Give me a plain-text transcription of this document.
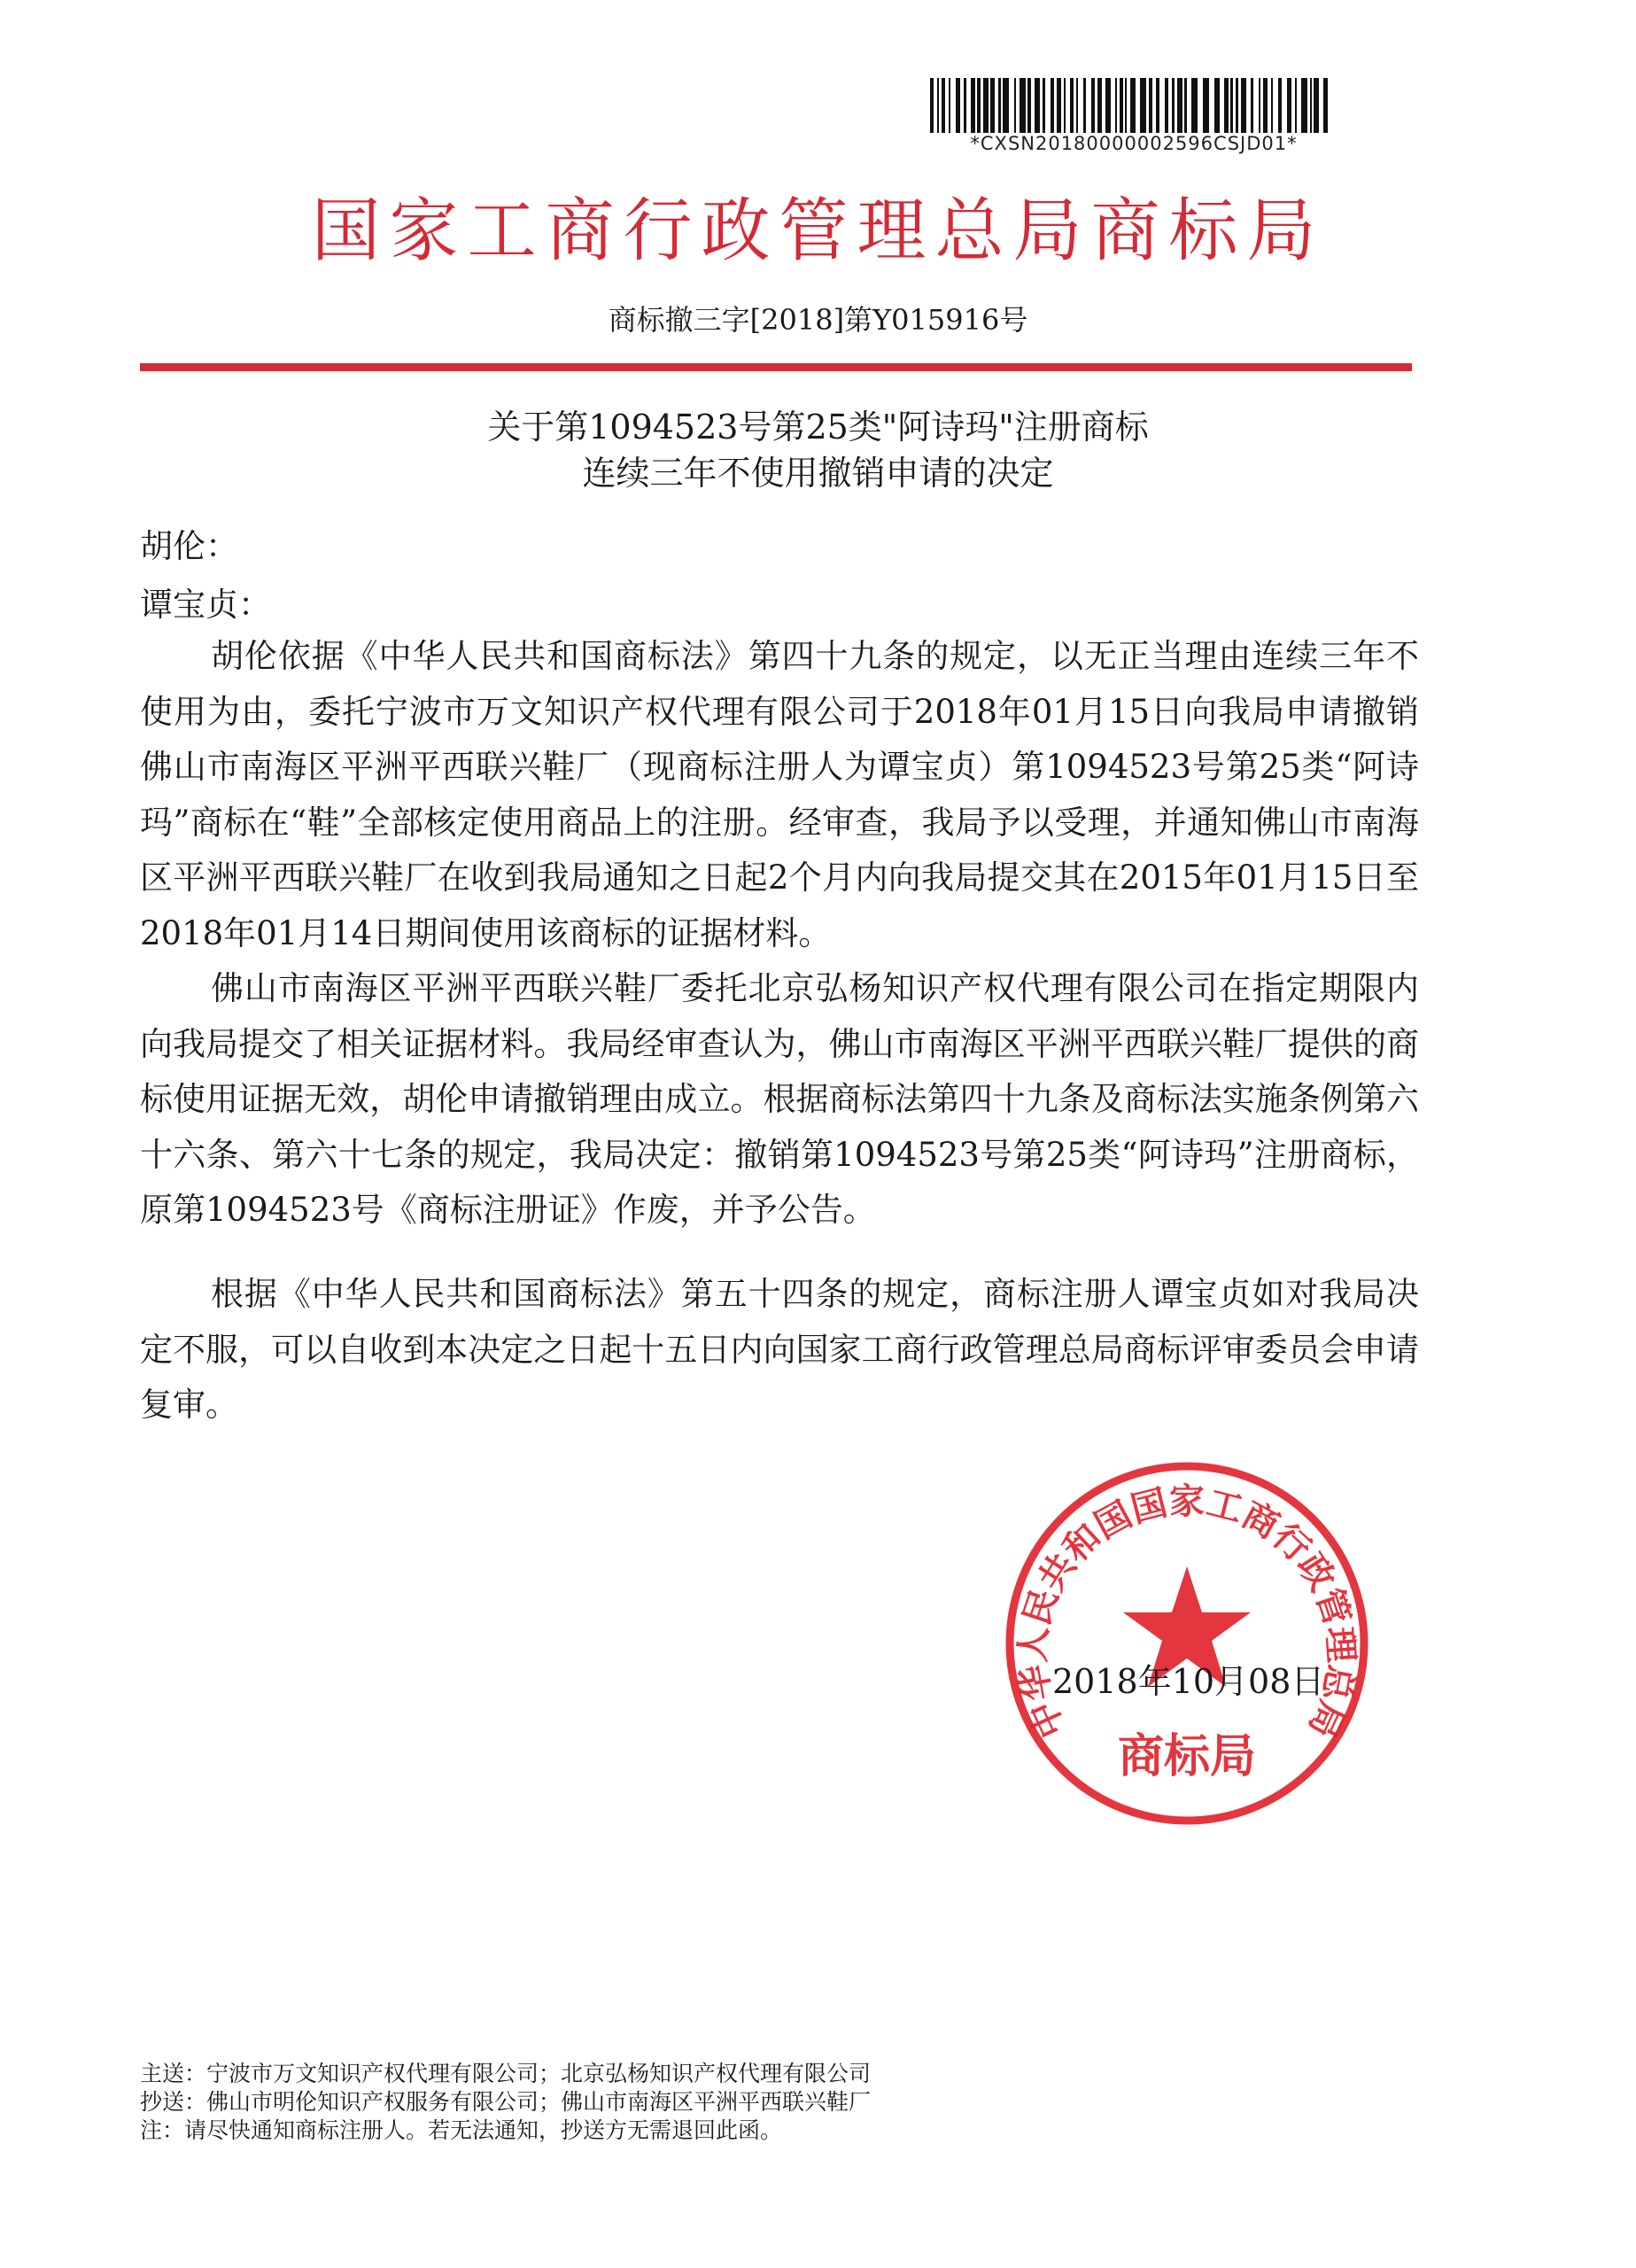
*CXSN20180000002596CSJD01*
国家工商行政管理总局商标局
商标撤三字[2018]第Y015916号
关于第1094523号第25类"阿诗玛"注册商标
连续三年不使用撤销申请的决定
胡伦：
谭宝贞：
胡伦依据《中华人民共和国商标法》第四十九条的规定，以无正当理由连续三年不使用为由，委托宁波市万文知识产权代理有限公司于2018年01月15日向我局申请撤销佛山市南海区平洲平西联兴鞋厂（现商标注册人为谭宝贞）第1094523号第25类“阿诗玛”商标在“鞋”全部核定使用商品上的注册。经审查，我局予以受理，并通知佛山市南海区平洲平西联兴鞋厂在收到我局通知之日起2个月内向我局提交其在2015年01月15日至2018年01月14日期间使用该商标的证据材料。
佛山市南海区平洲平西联兴鞋厂委托北京弘杨知识产权代理有限公司在指定期限内向我局提交了相关证据材料。我局经审查认为，佛山市南海区平洲平西联兴鞋厂提供的商标使用证据无效，胡伦申请撤销理由成立。根据商标法第四十九条及商标法实施条例第六十六条、第六十七条的规定，我局决定：撤销第1094523号第25类“阿诗玛”注册商标，原第1094523号《商标注册证》作废，并予公告。
根据《中华人民共和国商标法》第五十四条的规定，商标注册人谭宝贞如对我局决定不服，可以自收到本决定之日起十五日内向国家工商行政管理总局商标评审委员会申请复审。
中华人民共和国国家工商行政管理总局
商标局
2018年10月08日
主送：宁波市万文知识产权代理有限公司；北京弘杨知识产权代理有限公司
抄送：佛山市明伦知识产权服务有限公司；佛山市南海区平洲平西联兴鞋厂
注：请尽快通知商标注册人。若无法通知，抄送方无需退回此函。
